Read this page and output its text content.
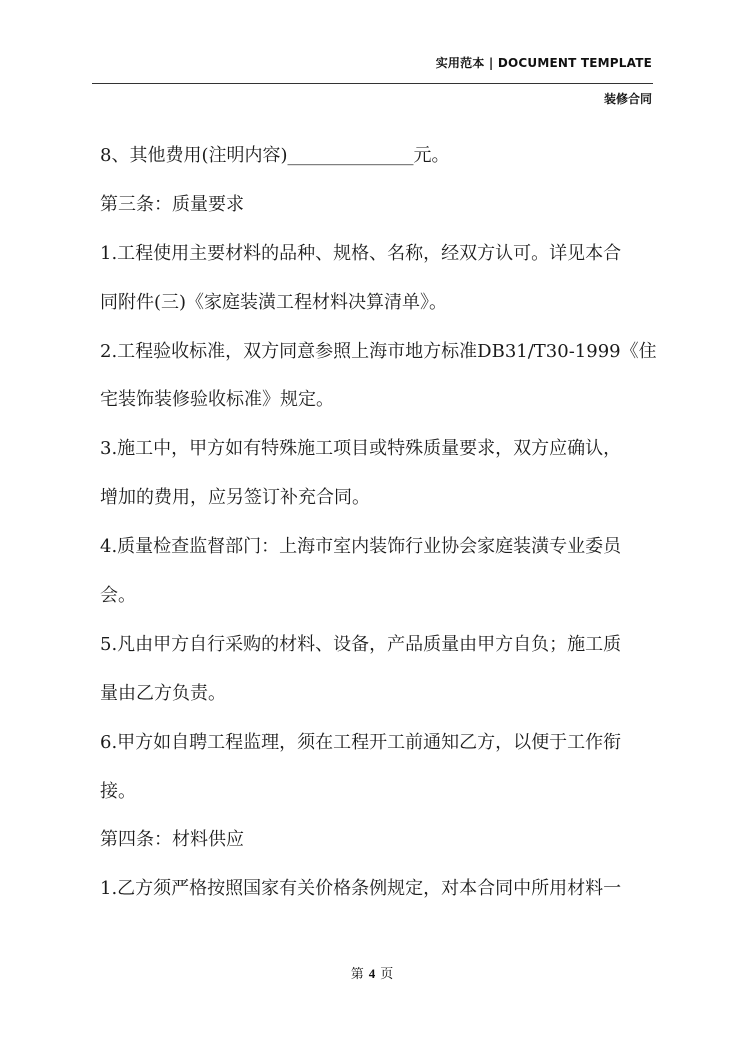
实用范本 | DOCUMENT TEMPLATE
装修合同
8、其他费用(注明内容)______________元。
第三条：质量要求
1.工程使用主要材料的品种、规格、名称，经双方认可。详见本合
同附件(三)《家庭装潢工程材料决算清单》。
2.工程验收标准，双方同意参照上海市地方标准DB31/T30-1999《住
宅装饰装修验收标准》规定。
3.施工中，甲方如有特殊施工项目或特殊质量要求，双方应确认，
增加的费用，应另签订补充合同。
4.质量检查监督部门：上海市室内装饰行业协会家庭装潢专业委员
会。
5.凡由甲方自行采购的材料、设备，产品质量由甲方自负；施工质
量由乙方负责。
6.甲方如自聘工程监理，须在工程开工前通知乙方，以便于工作衔
接。
第四条：材料供应
1.乙方须严格按照国家有关价格条例规定，对本合同中所用材料一
第 4 页
